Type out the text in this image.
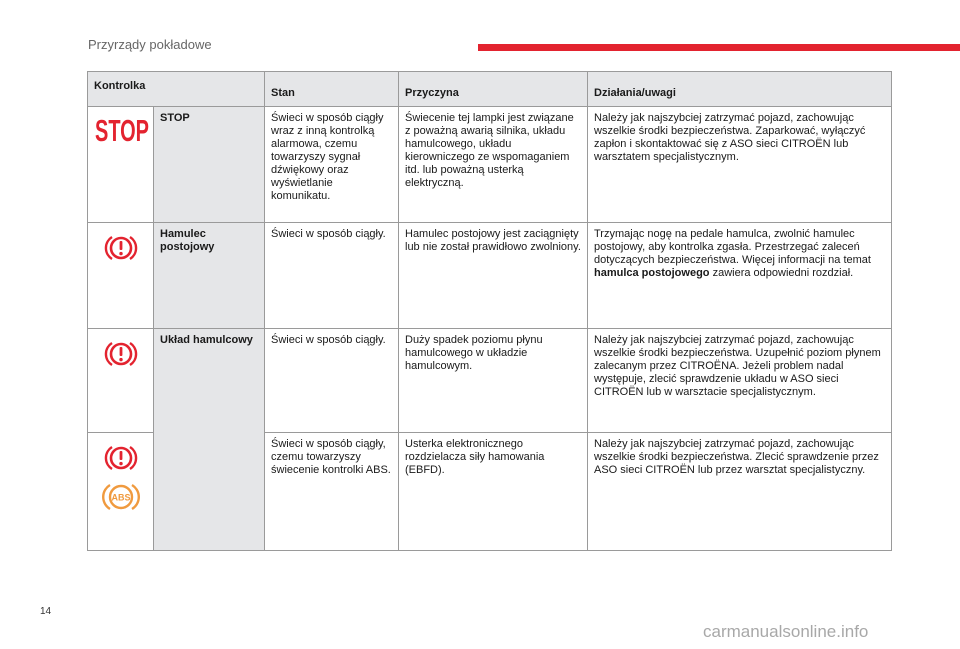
Przyrządy pokładowe
Kontrolka		Stan	Przyczyna	Działania/uwagi

STOP	STOP	Świeci w sposób ciągły wraz z inną kontrolką alarmowa, czemu towarzyszy sygnał dźwiękowy oraz wyświetlanie komunikatu.	Świecenie tej lampki jest związane z poważną awarią silnika, układu hamulcowego, układu kierowniczego ze wspomaganiem itd. lub poważną usterką elektryczną.	Należy jak najszybciej zatrzymać pojazd, zachowując wszelkie środki bezpieczeństwa. Zaparkować, wyłączyć zapłon i skontaktować się z ASO sieci CITROËN lub warsztatem specjalistycznym.

	Hamulec postojowy	Świeci w sposób ciągły.	Hamulec postojowy jest zaciągnięty lub nie został prawidłowo zwolniony.	Trzymając nogę na pedale hamulca, zwolnić hamulec postojowy, aby kontrolka zgasła. Przestrzegać zaleceń dotyczących bezpieczeństwa. Więcej informacji na temat hamulca postojowego zawiera odpowiedni rozdział.

	Układ hamulcowy	Świeci w sposób ciągły.	Duży spadek poziomu płynu hamulcowego w układzie hamulcowym.	Należy jak najszybciej zatrzymać pojazd, zachowując wszelkie środki bezpieczeństwa. Uzupełnić poziom płynem zalecanym przez CITROËNA. Jeżeli problem nadal występuje, zlecić sprawdzenie układu w ASO sieci CITROËN lub w warsztacie specjalistycznym.

ABS		Świeci w sposób ciągły, czemu towarzyszy świecenie kontrolki ABS.	Usterka elektronicznego rozdzielacza siły hamowania (EBFD).	Należy jak najszybciej zatrzymać pojazd, zachowując wszelkie środki bezpieczeństwa. Zlecić sprawdzenie przez ASO sieci CITROËN lub przez warsztat specjalistyczny.
14
carmanualsonline.info
